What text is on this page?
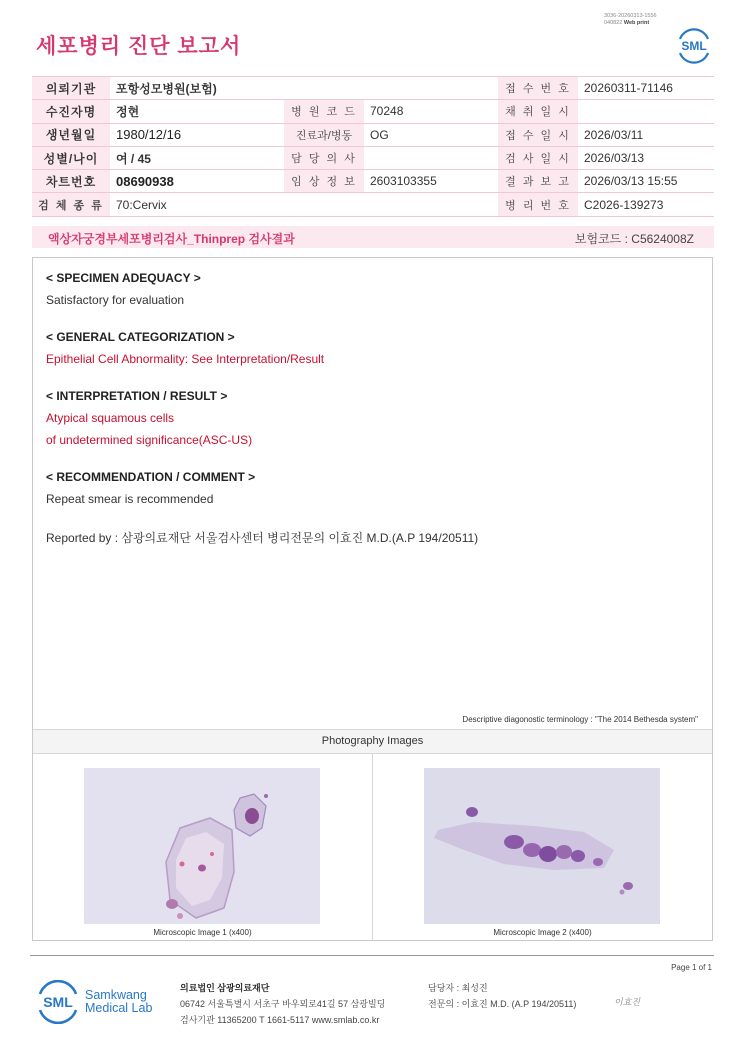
세포병리 진단 보고서
3036-20260313-1556
040822 Web print
SML
의뢰기관	포항성모병원(보험)			접 수 번 호	20260311-71146
수진자명	정현	병 원 코 드	70248	채 취 일 시	
생년월일	1980/12/16	진료과/병동	OG	접 수 일 시	2026/03/11
성별/나이	여 / 45	담 당 의 사		검 사 일 시	2026/03/13
차트번호	08690938	임 상 정 보	2603103355	결 과 보 고	2026/03/13 15:55
검 체 종 류	70:Cervix			병 리 번 호	C2026-139273
액상자궁경부세포병리검사_Thinprep 검사결과	보험코드 : C5624008Z
< SPECIMEN ADEQUACY >
Satisfactory for evaluation
< GENERAL CATEGORIZATION >
Epithelial Cell Abnormality: See Interpretation/Result
< INTERPRETATION / RESULT >
Atypical squamous cells
of undetermined significance(ASC-US)
< RECOMMENDATION / COMMENT >
Repeat smear is recommended
Reported by : 삼광의료재단 서울검사센터 병리전문의 이효진 M.D.(A.P 194/20511)
Descriptive diagonostic terminology : "The 2014 Bethesda system"
Photography Images
Microscopic Image 1 (x400)	Microscopic Image 2 (x400)
Page 1 of 1
SML Samkwang
Medical Lab
의료법인 삼광의료재단
06742 서울특별시 서초구 바우뫼로41길 57 삼광빌딩
검사기관 11365200 T 1661-5117 www.smlab.co.kr
담당자 : 최성진
전문의 : 이효진 M.D. (A.P 194/20511)	이효진
